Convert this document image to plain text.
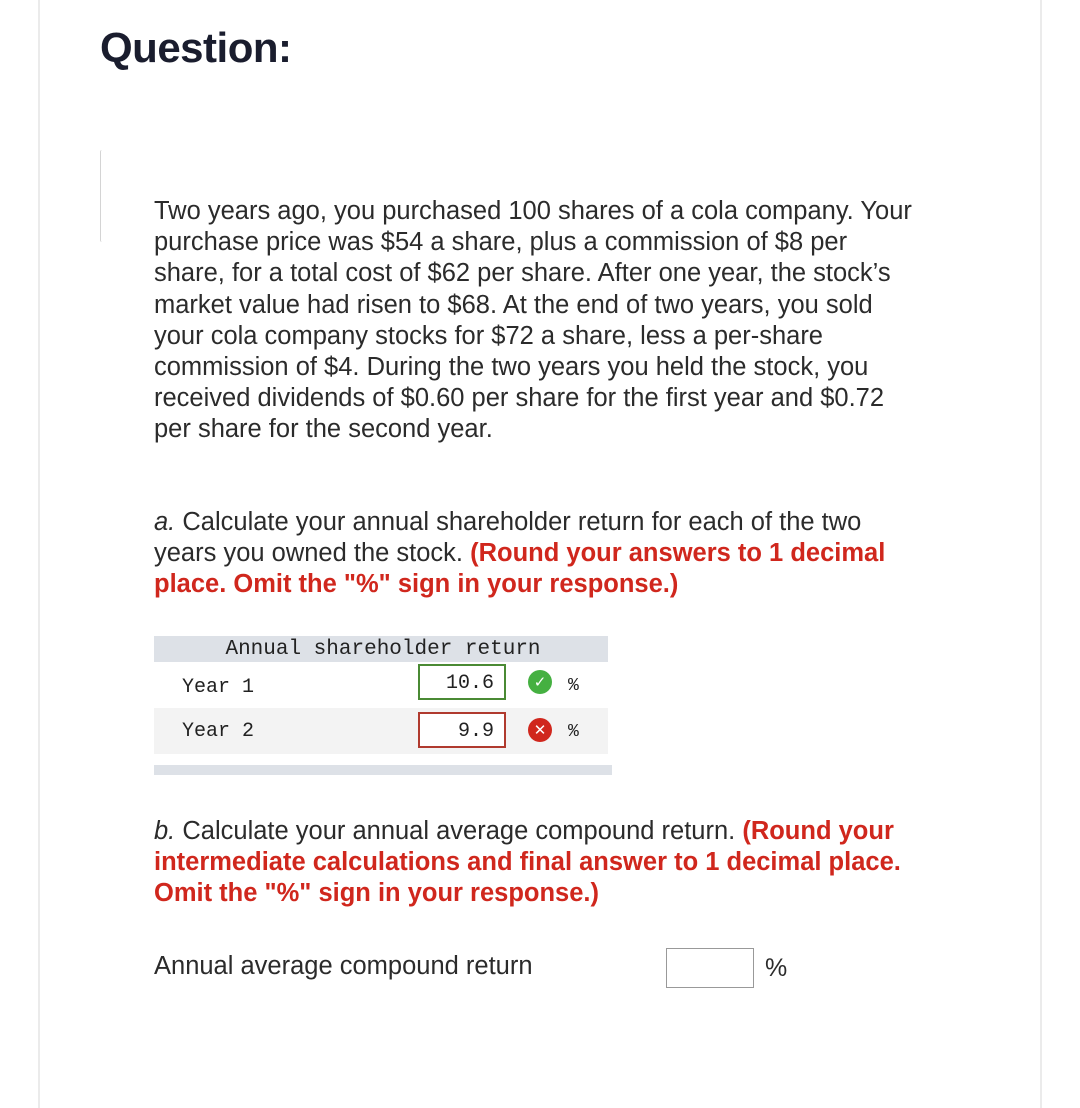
Question:
Two years ago, you purchased 100 shares of a cola company. Your purchase price was $54 a share, plus a commission of $8 per share, for a total cost of $62 per share. After one year, the stock’s market value had risen to $68. At the end of two years, you sold your cola company stocks for $72 a share, less a per-share commission of $4. During the two years you held the stock, you received dividends of $0.60 per share for the first year and $0.72 per share for the second year.
a. Calculate your annual shareholder return for each of the two years you owned the stock. (Round your answers to 1 decimal place. Omit the "%" sign in your response.)
Annual shareholder return
Year 1	10.6	✓	%
Year 2	9.9	✕	%
b. Calculate your annual average compound return. (Round your intermediate calculations and final answer to 1 decimal place. Omit the "%" sign in your response.)
Annual average compound return	%
